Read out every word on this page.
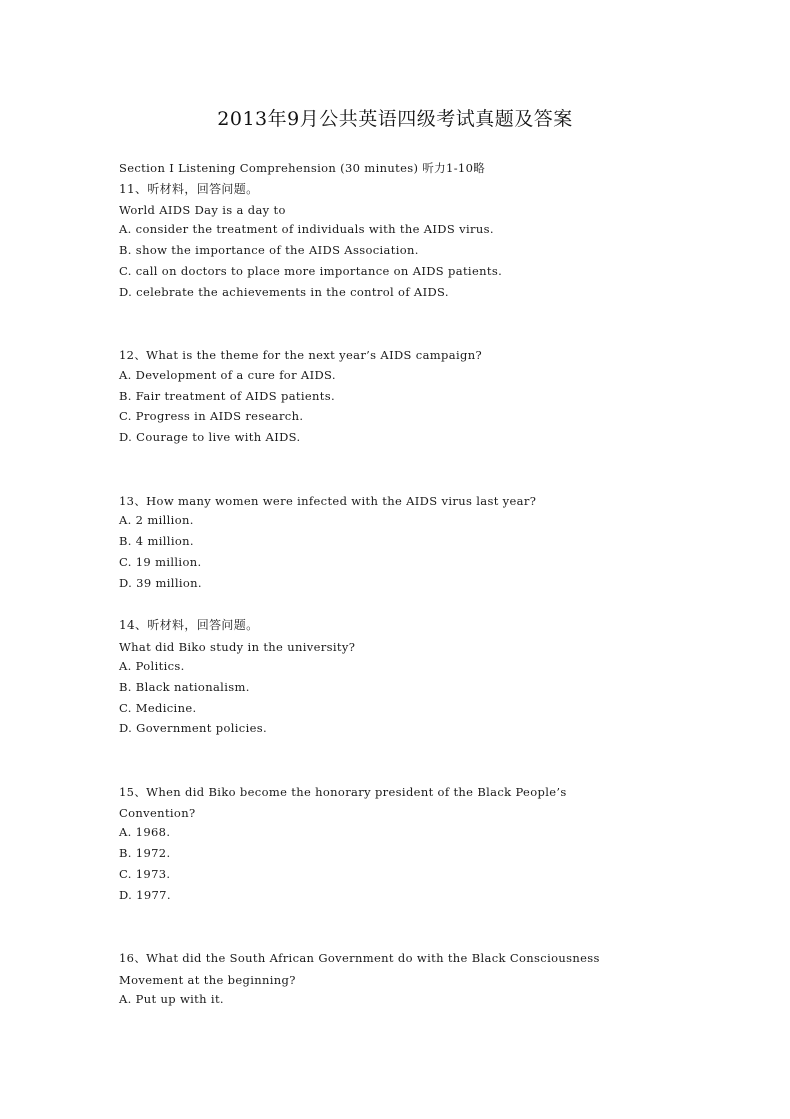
2013年9月公共英语四级考试真题及答案
Section I Listening Comprehension (30 minutes) 听力1-10略
11、听材料，回答问题。
World AIDS Day is a day to
A. consider the treatment of individuals with the AIDS virus.
B. show the importance of the AIDS Association.
C. call on doctors to place more importance on AIDS patients.
D. celebrate the achievements in the control of AIDS.
12、What is the theme for the next year’s AIDS campaign?
A. Development of a cure for AIDS.
B. Fair treatment of AIDS patients.
C. Progress in AIDS research.
D. Courage to live with AIDS.
13、How many women were infected with the AIDS virus last year?
A. 2 million.
B. 4 million.
C. 19 million.
D. 39 million.
14、听材料，回答问题。
What did Biko study in the university?
A. Politics.
B. Black nationalism.
C. Medicine.
D. Government policies.
15、When did Biko become the honorary president of the Black People’s
Convention?
A. 1968.
B. 1972.
C. 1973.
D. 1977.
16、What did the South African Government do with the Black Consciousness
Movement at the beginning?
A. Put up with it.
